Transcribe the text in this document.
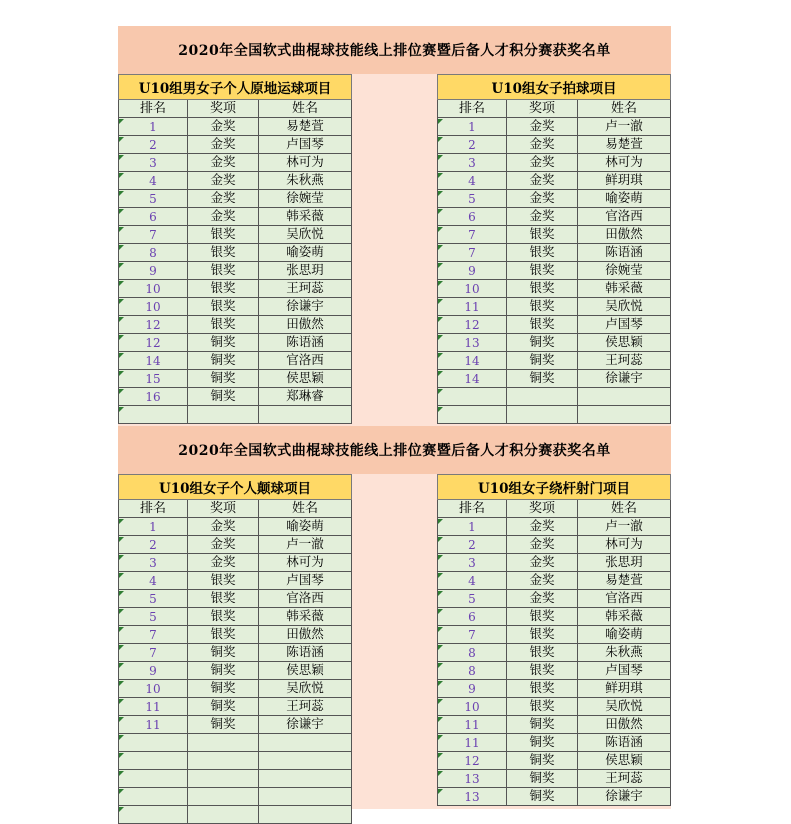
2020年全国软式曲棍球技能线上排位赛暨后备人才积分赛获奖名单
U10组男女子个人原地运球项目
排名	奖项	姓名
1	金奖	易楚萱
2	金奖	卢国琴
3	金奖	林可为
4	金奖	朱秋燕
5	金奖	徐婉莹
6	金奖	韩采薇
7	银奖	吴欣悦
8	银奖	喻姿萌
9	银奖	张思玥
10	银奖	王珂蕊
10	银奖	徐谦宇
12	银奖	田傲然
12	铜奖	陈语涵
14	铜奖	官洛西
15	铜奖	侯思颖
16	铜奖	郑琳睿
U10组女子拍球项目
排名	奖项	姓名
1	金奖	卢一澈
2	金奖	易楚萱
3	金奖	林可为
4	金奖	鲜玥琪
5	金奖	喻姿萌
6	金奖	官洛西
7	银奖	田傲然
7	银奖	陈语涵
9	银奖	徐婉莹
10	银奖	韩采薇
11	银奖	吴欣悦
12	银奖	卢国琴
13	铜奖	侯思颖
14	铜奖	王珂蕊
14	铜奖	徐谦宇
2020年全国软式曲棍球技能线上排位赛暨后备人才积分赛获奖名单
U10组女子个人颠球项目
排名	奖项	姓名
1	金奖	喻姿萌
2	金奖	卢一澈
3	金奖	林可为
4	银奖	卢国琴
5	银奖	官洛西
5	银奖	韩采薇
7	银奖	田傲然
7	铜奖	陈语涵
9	铜奖	侯思颖
10	铜奖	吴欣悦
11	铜奖	王珂蕊
11	铜奖	徐谦宇
U10组女子绕杆射门项目
排名	奖项	姓名
1	金奖	卢一澈
2	金奖	林可为
3	金奖	张思玥
4	金奖	易楚萱
5	金奖	官洛西
6	银奖	韩采薇
7	银奖	喻姿萌
8	银奖	朱秋燕
8	银奖	卢国琴
9	银奖	鲜玥琪
10	银奖	吴欣悦
11	铜奖	田傲然
11	铜奖	陈语涵
12	铜奖	侯思颖
13	铜奖	王珂蕊
13	铜奖	徐谦宇
